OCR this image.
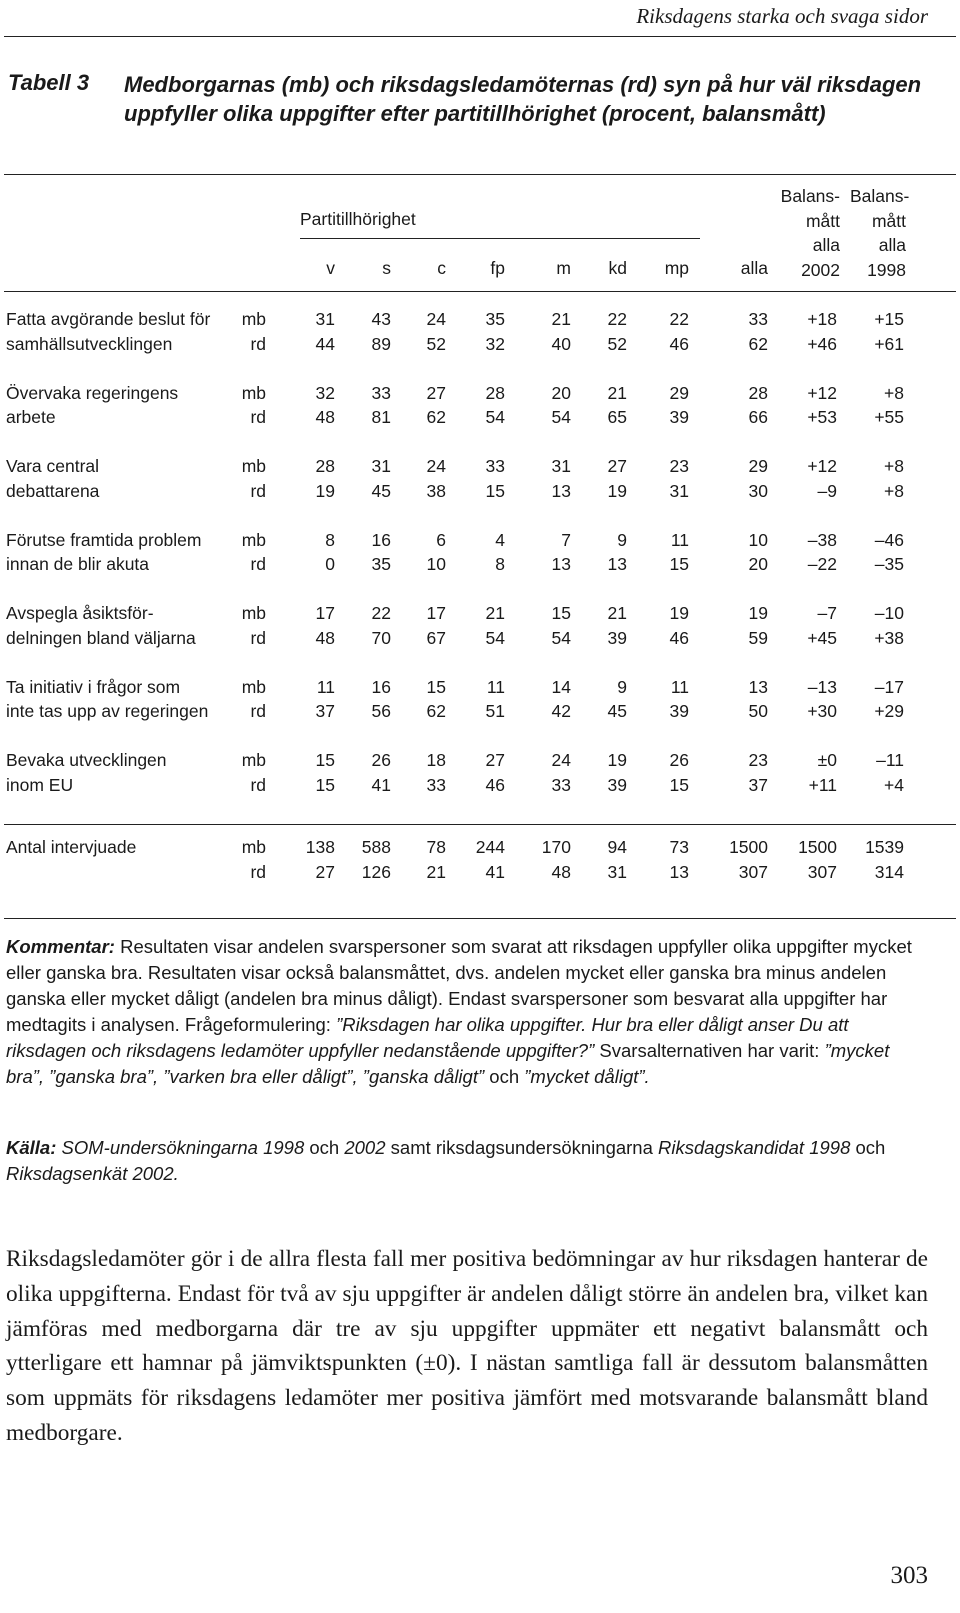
Riksdagens starka och svaga sidor
Tabell 3	Medborgarnas (mb) och riksdagsledamöternas (rd) syn på hur väl riksdagen uppfyller olika uppgifter efter partitillhörighet (procent, balansmått)
Partitillhörighet
Balans-
mått
alla
2002
Balans-
mått
alla
1998
v	s	c	fp	m	kd	mp	alla
Fatta avgörande beslut för
samhällsutvecklingen
mb	31	43	24	35	21	22	22	33	+18	+15
rd	44	89	52	32	40	52	46	62	+46	+61
Övervaka regeringens
arbete
mb	32	33	27	28	20	21	29	28	+12	+8
rd	48	81	62	54	54	65	39	66	+53	+55
Vara central
debattarena
mb	28	31	24	33	31	27	23	29	+12	+8
rd	19	45	38	15	13	19	31	30	–9	+8
Förutse framtida problem
innan de blir akuta
mb	8	16	6	4	7	9	11	10	–38	–46
rd	0	35	10	8	13	13	15	20	–22	–35
Avspegla åsiktsför-
delningen bland väljarna
mb	17	22	17	21	15	21	19	19	–7	–10
rd	48	70	67	54	54	39	46	59	+45	+38
Ta initiativ i frågor som
inte tas upp av regeringen
mb	11	16	15	11	14	9	11	13	–13	–17
rd	37	56	62	51	42	45	39	50	+30	+29
Bevaka utvecklingen
inom EU
mb	15	26	18	27	24	19	26	23	±0	–11
rd	15	41	33	46	33	39	15	37	+11	+4
Antal intervjuade	mb	138	588	78	244	170	94	73	1500	1500	1539
rd	27	126	21	41	48	31	13	307	307	314
Kommentar: Resultaten visar andelen svarspersoner som svarat att riksdagen uppfyller olika uppgifter mycket eller ganska bra. Resultaten visar också balansmåttet, dvs. andelen mycket eller ganska bra minus andelen ganska eller mycket dåligt (andelen bra minus dåligt). Endast svarspersoner som besvarat alla uppgifter har medtagits i analysen. Frågeformulering: ”Riksdagen har olika uppgifter. Hur bra eller dåligt anser Du att riksdagen och riksdagens ledamöter uppfyller nedanstående uppgifter?” Svarsalternativen har varit: ”mycket bra”, ”ganska bra”, ”varken bra eller dåligt”, ”ganska dåligt” och ”mycket dåligt”.
Källa: SOM-undersökningarna 1998 och 2002 samt riksdagsundersökningarna Riksdagskandidat 1998 och Riksdagsenkät 2002.
Riksdagsledamöter gör i de allra flesta fall mer positiva bedömningar av hur riksdagen hanterar de olika uppgifterna. Endast för två av sju uppgifter är andelen dåligt större än andelen bra, vilket kan jämföras med medborgarna där tre av sju uppgifter uppmäter ett negativt balansmått och ytterligare ett hamnar på jämviktspunkten (±0). I nästan samtliga fall är dessutom balansmåtten som uppmäts för riksdagens ledamöter mer positiva jämfört med motsvarande balansmått bland medborgare.
303
